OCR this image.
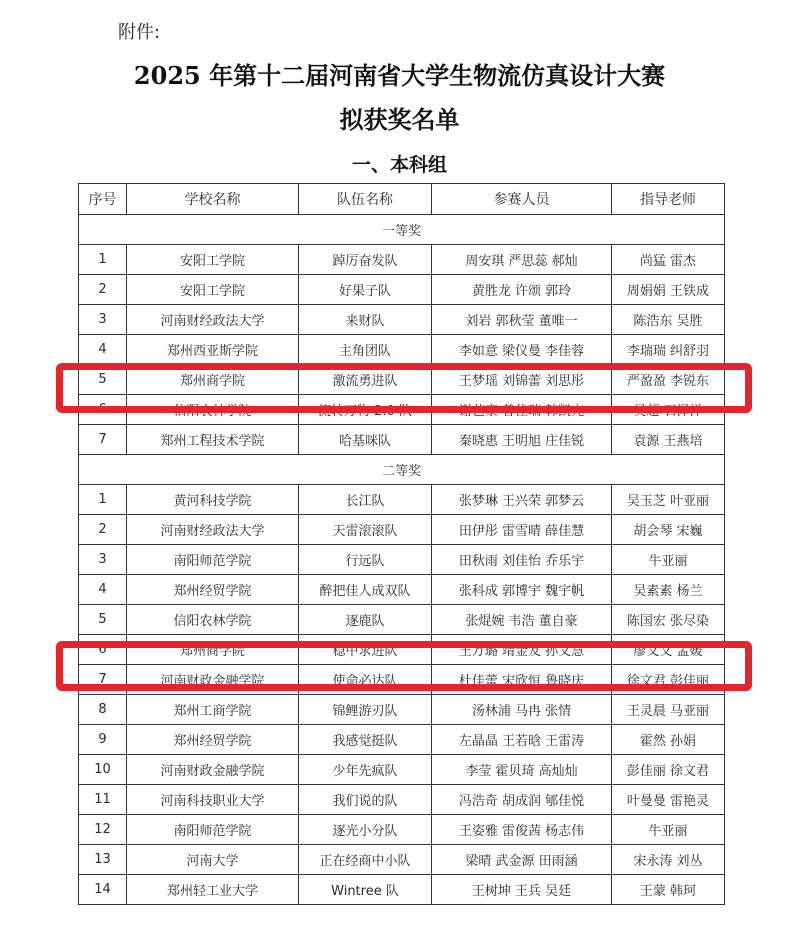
附件:
2025 年第十二届河南省大学生物流仿真设计大赛
拟获奖名单
一、本科组
序号	学校名称	队伍名称	参赛人员	指导老师
一等奖				
1	安阳工学院	踔厉奋发队	周安琪 严思蕊 郝灿	尚猛 雷杰
2	安阳工学院	好果子队	黄胜龙 许颂 郭玲	周娟娟 王铁成
3	河南财经政法大学	来财队	刘岩 郭秋莹 董唯一	陈浩东 吴胜
4	郑州西亚斯学院	主角团队	李如意 梁仪曼 李佳蓉	李瑞瑞 纠舒羽
5	郑州商学院	激流勇进队	王梦瑶 刘锦蕾 刘思彤	严盈盈 李锐东
6	信阳农林学院	流转万物 2.0 队	谢艺豪 曾佳瑞 韩凯亢	吴超 石泽洋
7	郑州工程技术学院	哈基咪队	秦晓惠 王明旭 庄佳锐	袁源 王燕培
二等奖				
1	黄河科技学院	长江队	张梦琳 王兴荣 郭梦云	吴玉芝 叶亚丽
2	河南财经政法大学	天雷滚滚队	田伊彤 雷雪晴 薛佳慧	胡会琴 宋巍
3	南阳师范学院	行远队	田秋雨 刘佳怡 乔乐宇	牛亚丽
4	郑州经贸学院	醉把佳人成双队	张科成 郭博宇 魏宇帆	吴素素 杨兰
5	信阳农林学院	逐鹿队	张焜婉 韦浩 董自豪	陈国宏 张尽染
6	郑州商学院	稳中求进队	王万璐 靖金友 孙文慧	廖文文 孟媛
7	河南财政金融学院	使命必达队	杜佳蕾 宋欣恒 鲁晓庆	徐文君 彭佳丽
8	郑州工商学院	锦鲤游刃队	汤林浦 马冉 张情	王灵晨 马亚丽
9	郑州经贸学院	我感觉挺队	左晶晶 王若晗 王雷涛	霍然 孙娟
10	河南财政金融学院	少年先疯队	李莹 霍贝琦 高灿灿	彭佳丽 徐文君
11	河南科技职业大学	我们说的队	冯浩奇 胡成润 郇佳悦	叶曼曼 雷艳灵
12	南阳师范学院	逐光小分队	王姿雅 雷俊茜 杨志伟	牛亚丽
13	河南大学	正在经商中小队	梁晴 武金源 田雨涵	宋永涛 刘丛
14	郑州轻工业大学	Wintree 队	王树坤 王兵 吴廷	王蒙 韩珂
